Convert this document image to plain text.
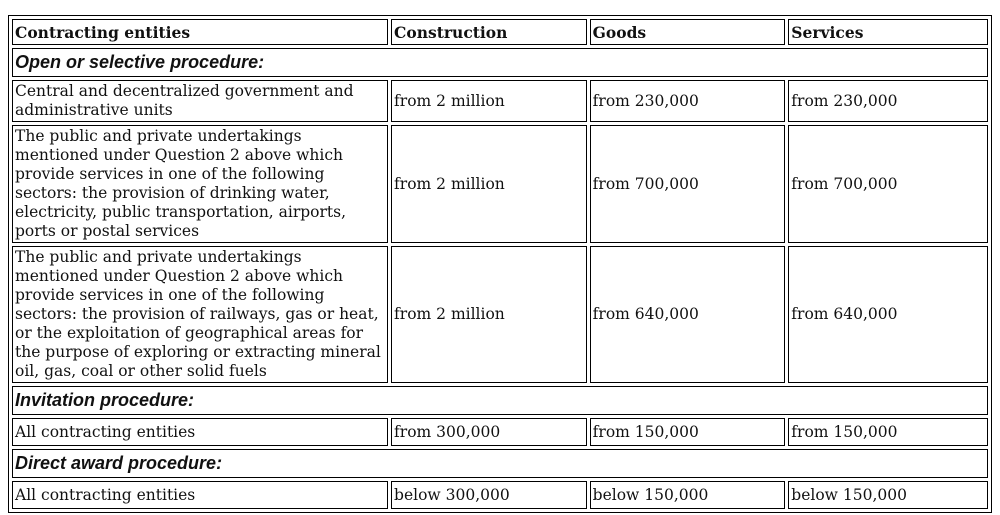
Contracting entities	Construction	Goods	Services
Open or selective procedure:			
Central and decentralized government and administrative units	from 2 million	from 230,000	from 230,000
The public and private undertakings mentioned under Question 2 above which provide services in one of the following sectors: the provision of drinking water, electricity, public transportation, airports, ports or postal services	from 2 million	from 700,000	from 700,000
The public and private undertakings mentioned under Question 2 above which provide services in one of the following sectors: the provision of railways, gas or heat, or the exploitation of geographical areas for the purpose of exploring or extracting mineral oil, gas, coal or other solid fuels	from 2 million	from 640,000	from 640,000
Invitation procedure:			
All contracting entities	from 300,000	from 150,000	from 150,000
Direct award procedure:			
All contracting entities	below 300,000	below 150,000	below 150,000
